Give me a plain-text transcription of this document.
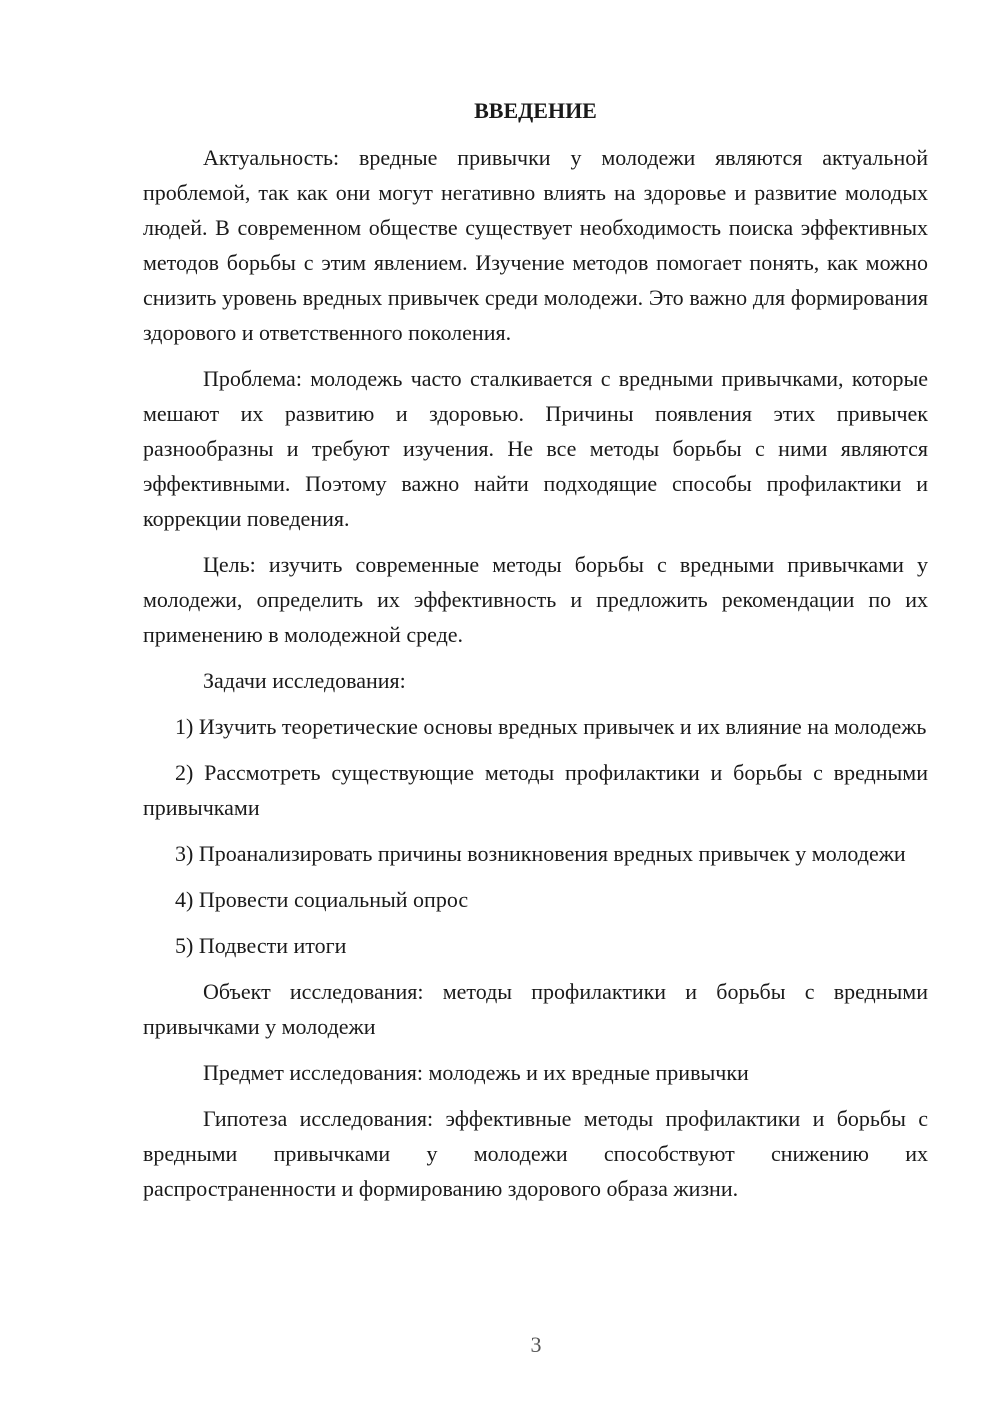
ВВЕДЕНИЕ

Актуальность: вредные привычки у молодежи являются актуальной проблемой, так как они могут негативно влиять на здоровье и развитие молодых людей. В современном обществе существует необходимость поиска эффективных методов борьбы с этим явлением. Изучение методов помогает понять, как можно снизить уровень вредных привычек среди молодежи. Это важно для формирования здорового и ответственного поколения.

Проблема: молодежь часто сталкивается с вредными привычками, которые мешают их развитию и здоровью. Причины появления этих привычек разнообразны и требуют изучения. Не все методы борьбы с ними являются эффективными. Поэтому важно найти подходящие способы профилактики и коррекции поведения.

Цель: изучить современные методы борьбы с вредными привычками у молодежи, определить их эффективность и предложить рекомендации по их применению в молодежной среде.

Задачи исследования:

1) Изучить теоретические основы вредных привычек и их влияние на молодежь

2) Рассмотреть существующие методы профилактики и борьбы с вредными привычками

3) Проанализировать причины возникновения вредных привычек у молодежи

4) Провести социальный опрос

5) Подвести итоги

Объект исследования: методы профилактики и борьбы с вредными привычками у молодежи

Предмет исследования: молодежь и их вредные привычки

Гипотеза исследования: эффективные методы профилактики и борьбы с вредными привычками у молодежи способствуют снижению их распространенности и формированию здорового образа жизни.

3
